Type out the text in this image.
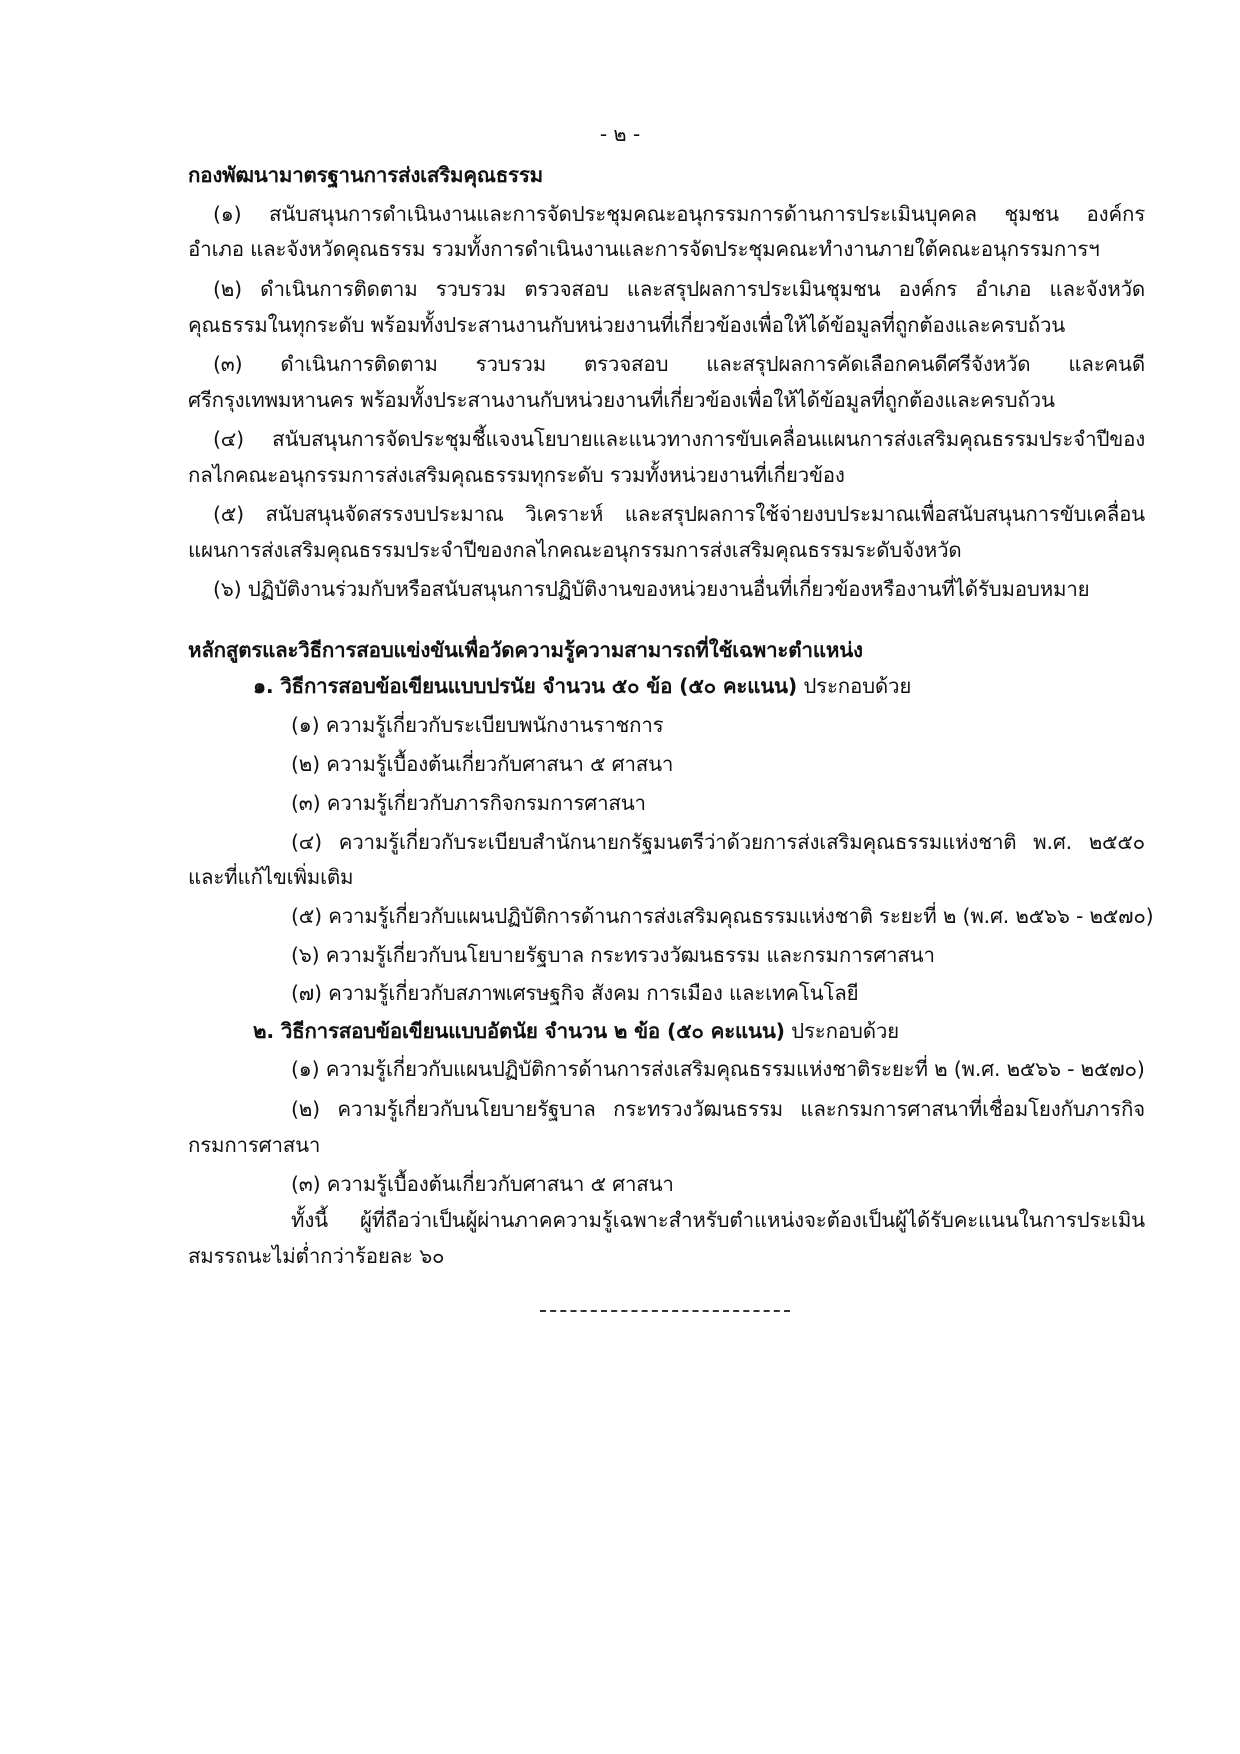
- ๒ -
กองพัฒนามาตรฐานการส่งเสริมคุณธรรม
(๑) สนับสนุนการดำเนินงานและการจัดประชุมคณะอนุกรรมการด้านการประเมินบุคคล ชุมชน องค์กร
อำเภอ และจังหวัดคุณธรรม รวมทั้งการดำเนินงานและการจัดประชุมคณะทำงานภายใต้คณะอนุกรรมการฯ
(๒) ดำเนินการติดตาม รวบรวม ตรวจสอบ และสรุปผลการประเมินชุมชน องค์กร อำเภอ และจังหวัด
คุณธรรมในทุกระดับ พร้อมทั้งประสานงานกับหน่วยงานที่เกี่ยวข้องเพื่อให้ได้ข้อมูลที่ถูกต้องและครบถ้วน
(๓) ดำเนินการติดตาม รวบรวม ตรวจสอบ และสรุปผลการคัดเลือกคนดีศรีจังหวัด และคนดี
ศรีกรุงเทพมหานคร พร้อมทั้งประสานงานกับหน่วยงานที่เกี่ยวข้องเพื่อให้ได้ข้อมูลที่ถูกต้องและครบถ้วน
(๔) สนับสนุนการจัดประชุมชี้แจงนโยบายและแนวทางการขับเคลื่อนแผนการส่งเสริมคุณธรรมประจำปีของ
กลไกคณะอนุกรรมการส่งเสริมคุณธรรมทุกระดับ รวมทั้งหน่วยงานที่เกี่ยวข้อง
(๕) สนับสนุนจัดสรรงบประมาณ วิเคราะห์ และสรุปผลการใช้จ่ายงบประมาณเพื่อสนับสนุนการขับเคลื่อน
แผนการส่งเสริมคุณธรรมประจำปีของกลไกคณะอนุกรรมการส่งเสริมคุณธรรมระดับจังหวัด
(๖) ปฏิบัติงานร่วมกับหรือสนับสนุนการปฏิบัติงานของหน่วยงานอื่นที่เกี่ยวข้องหรืองานที่ได้รับมอบหมาย
หลักสูตรและวิธีการสอบแข่งขันเพื่อวัดความรู้ความสามารถที่ใช้เฉพาะตำแหน่ง
๑. วิธีการสอบข้อเขียนแบบปรนัย จำนวน ๕๐ ข้อ (๕๐ คะแนน) ประกอบด้วย
(๑) ความรู้เกี่ยวกับระเบียบพนักงานราชการ
(๒) ความรู้เบื้องต้นเกี่ยวกับศาสนา ๕ ศาสนา
(๓) ความรู้เกี่ยวกับภารกิจกรมการศาสนา
(๔) ความรู้เกี่ยวกับระเบียบสำนักนายกรัฐมนตรีว่าด้วยการส่งเสริมคุณธรรมแห่งชาติ พ.ศ. ๒๕๕๐
และที่แก้ไขเพิ่มเติม
(๕) ความรู้เกี่ยวกับแผนปฏิบัติการด้านการส่งเสริมคุณธรรมแห่งชาติ ระยะที่ ๒ (พ.ศ. ๒๕๖๖ - ๒๕๗๐)
(๖) ความรู้เกี่ยวกับนโยบายรัฐบาล กระทรวงวัฒนธรรม และกรมการศาสนา
(๗) ความรู้เกี่ยวกับสภาพเศรษฐกิจ สังคม การเมือง และเทคโนโลยี
๒. วิธีการสอบข้อเขียนแบบอัตนัย จำนวน ๒ ข้อ (๕๐ คะแนน) ประกอบด้วย
(๑) ความรู้เกี่ยวกับแผนปฏิบัติการด้านการส่งเสริมคุณธรรมแห่งชาติระยะที่ ๒ (พ.ศ. ๒๕๖๖ - ๒๕๗๐)
(๒) ความรู้เกี่ยวกับนโยบายรัฐบาล กระทรวงวัฒนธรรม และกรมการศาสนาที่เชื่อมโยงกับภารกิจ
กรมการศาสนา
(๓) ความรู้เบื้องต้นเกี่ยวกับศาสนา ๕ ศาสนา
ทั้งนี้ ผู้ที่ถือว่าเป็นผู้ผ่านภาคความรู้เฉพาะสำหรับตำแหน่งจะต้องเป็นผู้ได้รับคะแนนในการประเมิน
สมรรถนะไม่ต่ำกว่าร้อยละ ๖๐
